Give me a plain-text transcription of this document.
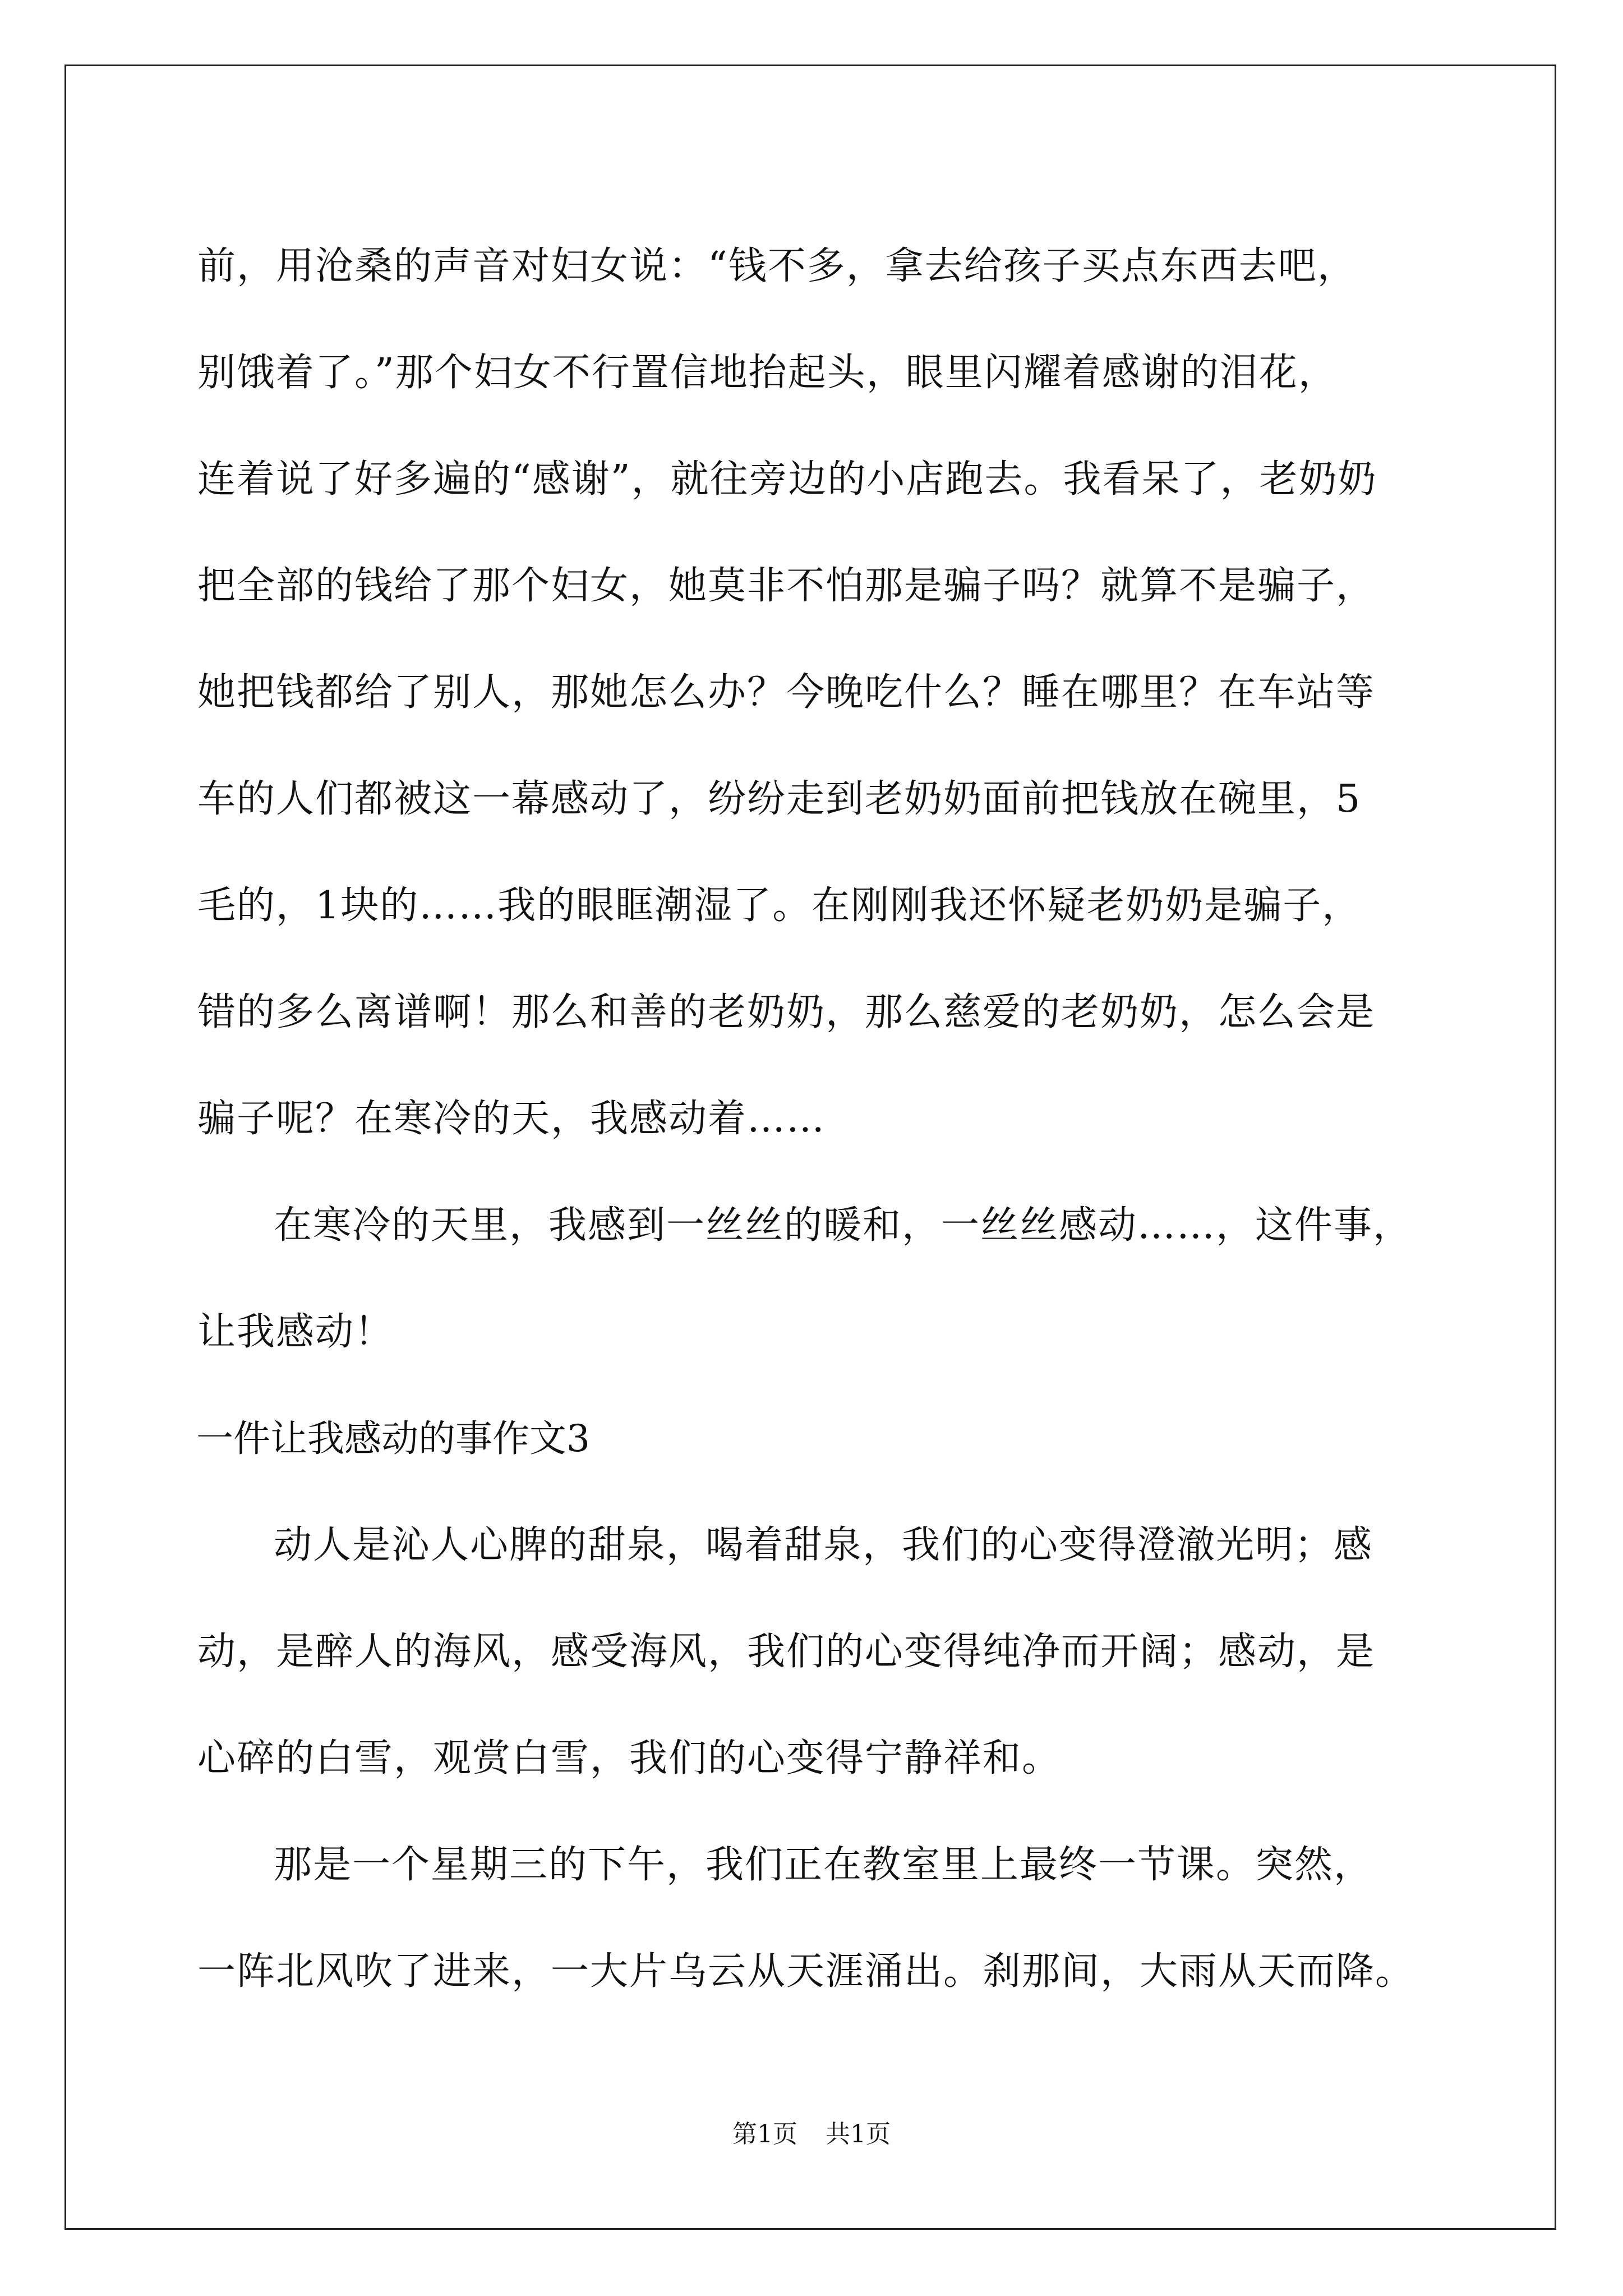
前，用沧桑的声音对妇女说：“钱不多，拿去给孩子买点东西去吧，
别饿着了。”那个妇女不行置信地抬起头，眼里闪耀着感谢的泪花，
连着说了好多遍的“感谢”，就往旁边的小店跑去。我看呆了，老奶奶
把全部的钱给了那个妇女，她莫非不怕那是骗子吗？就算不是骗子，
她把钱都给了别人，那她怎么办？今晚吃什么？睡在哪里？在车站等
车的人们都被这一幕感动了，纷纷走到老奶奶面前把钱放在碗里，5
毛的，1块的……我的眼眶潮湿了。在刚刚我还怀疑老奶奶是骗子，
错的多么离谱啊！那么和善的老奶奶，那么慈爱的老奶奶，怎么会是
骗子呢？在寒冷的天，我感动着……
在寒冷的天里，我感到一丝丝的暖和，一丝丝感动……，这件事，
让我感动！
一件让我感动的事作文3
动人是沁人心脾的甜泉，喝着甜泉，我们的心变得澄澈光明；感
动，是醉人的海风，感受海风，我们的心变得纯净而开阔；感动，是
心碎的白雪，观赏白雪，我们的心变得宁静祥和。
那是一个星期三的下午，我们正在教室里上最终一节课。突然，
一阵北风吹了进来，一大片乌云从天涯涌出。刹那间，大雨从天而降。
第1页 共1页
